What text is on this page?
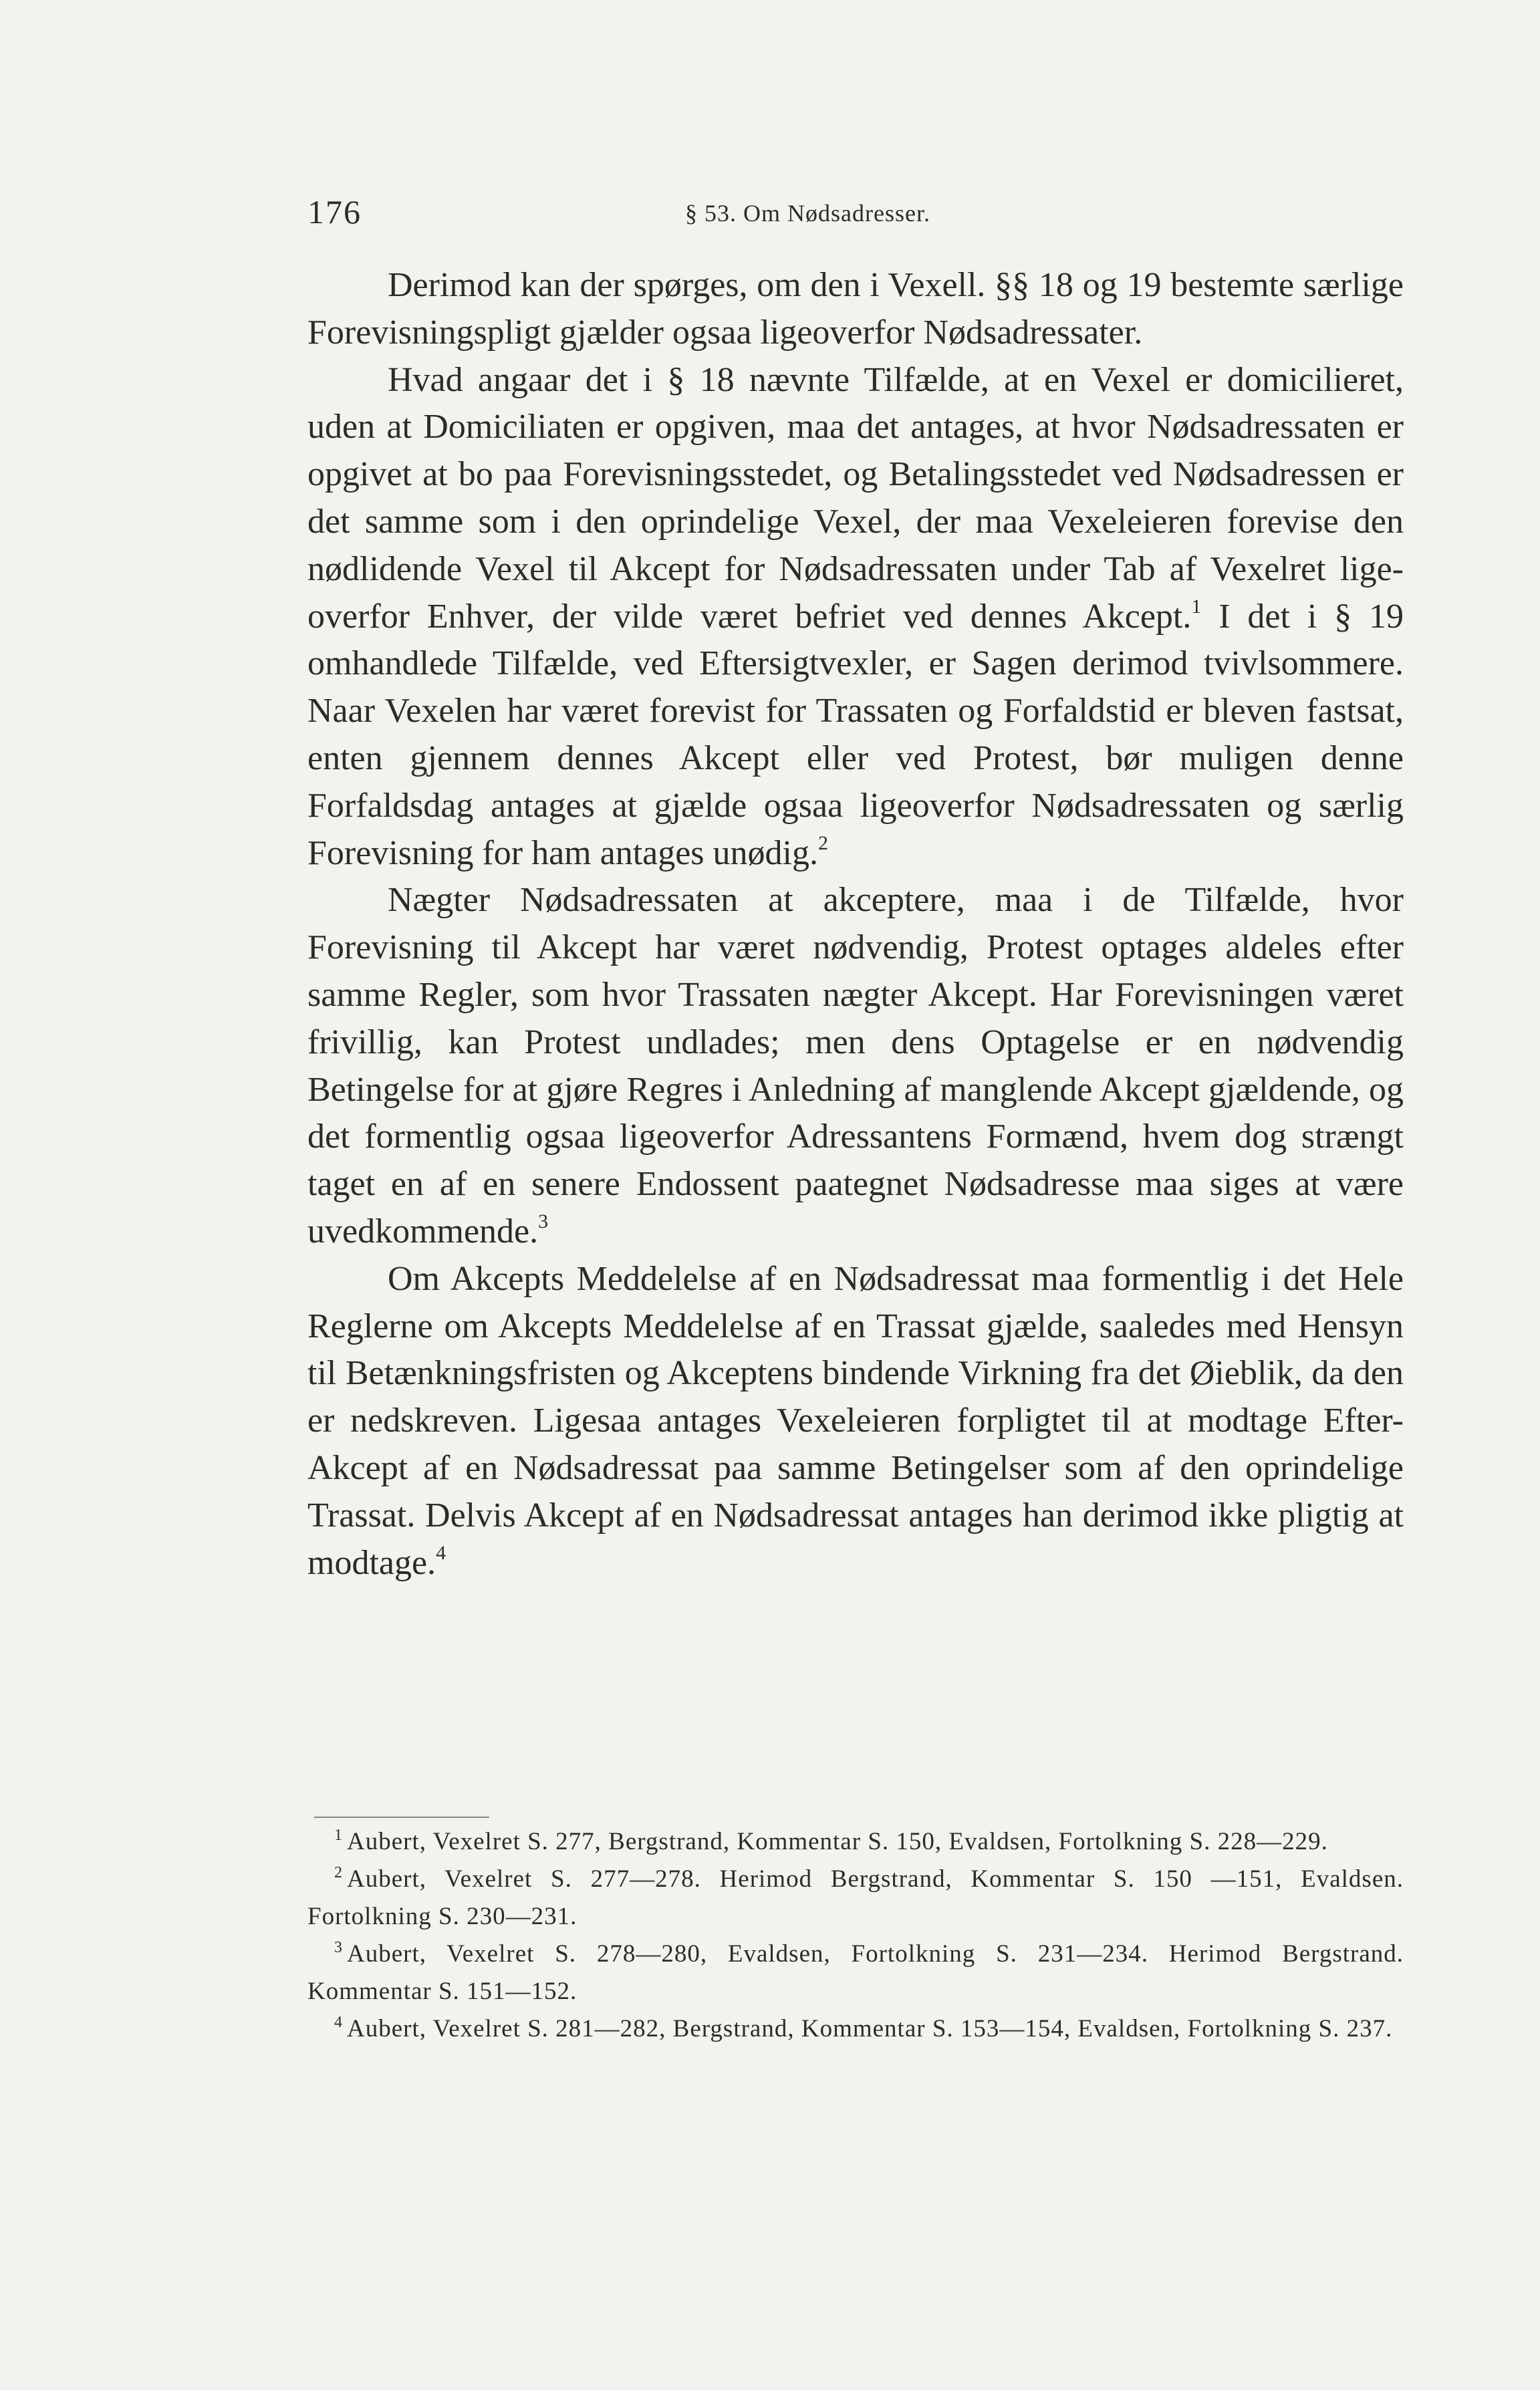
176	§ 53. Om Nødsadresser.

Derimod kan der spørges, om den i Vexell. §§ 18 og 19 bestemte særlige Forevisningspligt gjælder ogsaa ligeoverfor Nødsadressater.

Hvad angaar det i § 18 nævnte Tilfælde, at en Vexel er domicilieret, uden at Domiciliaten er opgiven, maa det antages, at hvor Nødsadressaten er opgivet at bo paa Forevisningsstedet, og Betalingsstedet ved Nødsadressen er det samme som i den oprindelige Vexel, der maa Vexeleieren forevise den nødlidende Vexel til Akcept for Nødsadressaten under Tab af Vexelret ligeoverfor Enhver, der vilde været befriet ved dennes Akcept.$^1$ I det i § 19 omhandlede Tilfælde, ved Eftersigtvexler, er Sagen derimod tvivlsommere. Naar Vexelen har været forevist for Trassaten og Forfaldstid er bleven fastsat, enten gjennem dennes Akcept eller ved Protest, bør muligen denne Forfaldsdag antages at gjælde ogsaa ligeoverfor Nødsadressaten og særlig Forevisning for ham antages unødig.$^2$

Nægter Nødsadressaten at akceptere, maa i de Tilfælde, hvor Forevisning til Akcept har været nødvendig, Protest optages aldeles efter samme Regler, som hvor Trassaten nægter Akcept. Har Forevisningen været frivillig, kan Protest undlades; men dens Optagelse er en nødvendig Betingelse for at gjøre Regres i Anledning af manglende Akcept gjældende, og det formentlig ogsaa ligeoverfor Adressantens Formænd, hvem dog strængt taget en af en senere Endossent paategnet Nødsadresse maa siges at være uvedkommende.$^3$

Om Akcepts Meddelelse af en Nødsadressat maa formentlig i det Hele Reglerne om Akcepts Meddelelse af en Trassat gjælde, saaledes med Hensyn til Betænkningsfristen og Akceptens bindende Virkning fra det Øieblik, da den er nedskreven. Ligesaa antages Vexeleieren forpligtet til at modtage Efter-Akcept af en Nødsadressat paa samme Betingelser som af den oprindelige Trassat. Delvis Akcept af en Nødsadressat antages han derimod ikke pligtig at modtage.$^4$

$^1$ Aubert, Vexelret S. 277, Bergstrand, Kommentar S. 150, Evaldsen, Fortolkning S. 228—229.

$^2$ Aubert, Vexelret S. 277—278. Herimod Bergstrand, Kommentar S. 150 —151, Evaldsen. Fortolkning S. 230—231.

$^3$ Aubert, Vexelret S. 278—280, Evaldsen, Fortolkning S. 231—234. Herimod Bergstrand. Kommentar S. 151—152.

$^4$ Aubert, Vexelret S. 281—282, Bergstrand, Kommentar S. 153—154, Evaldsen, Fortolkning S. 237.
